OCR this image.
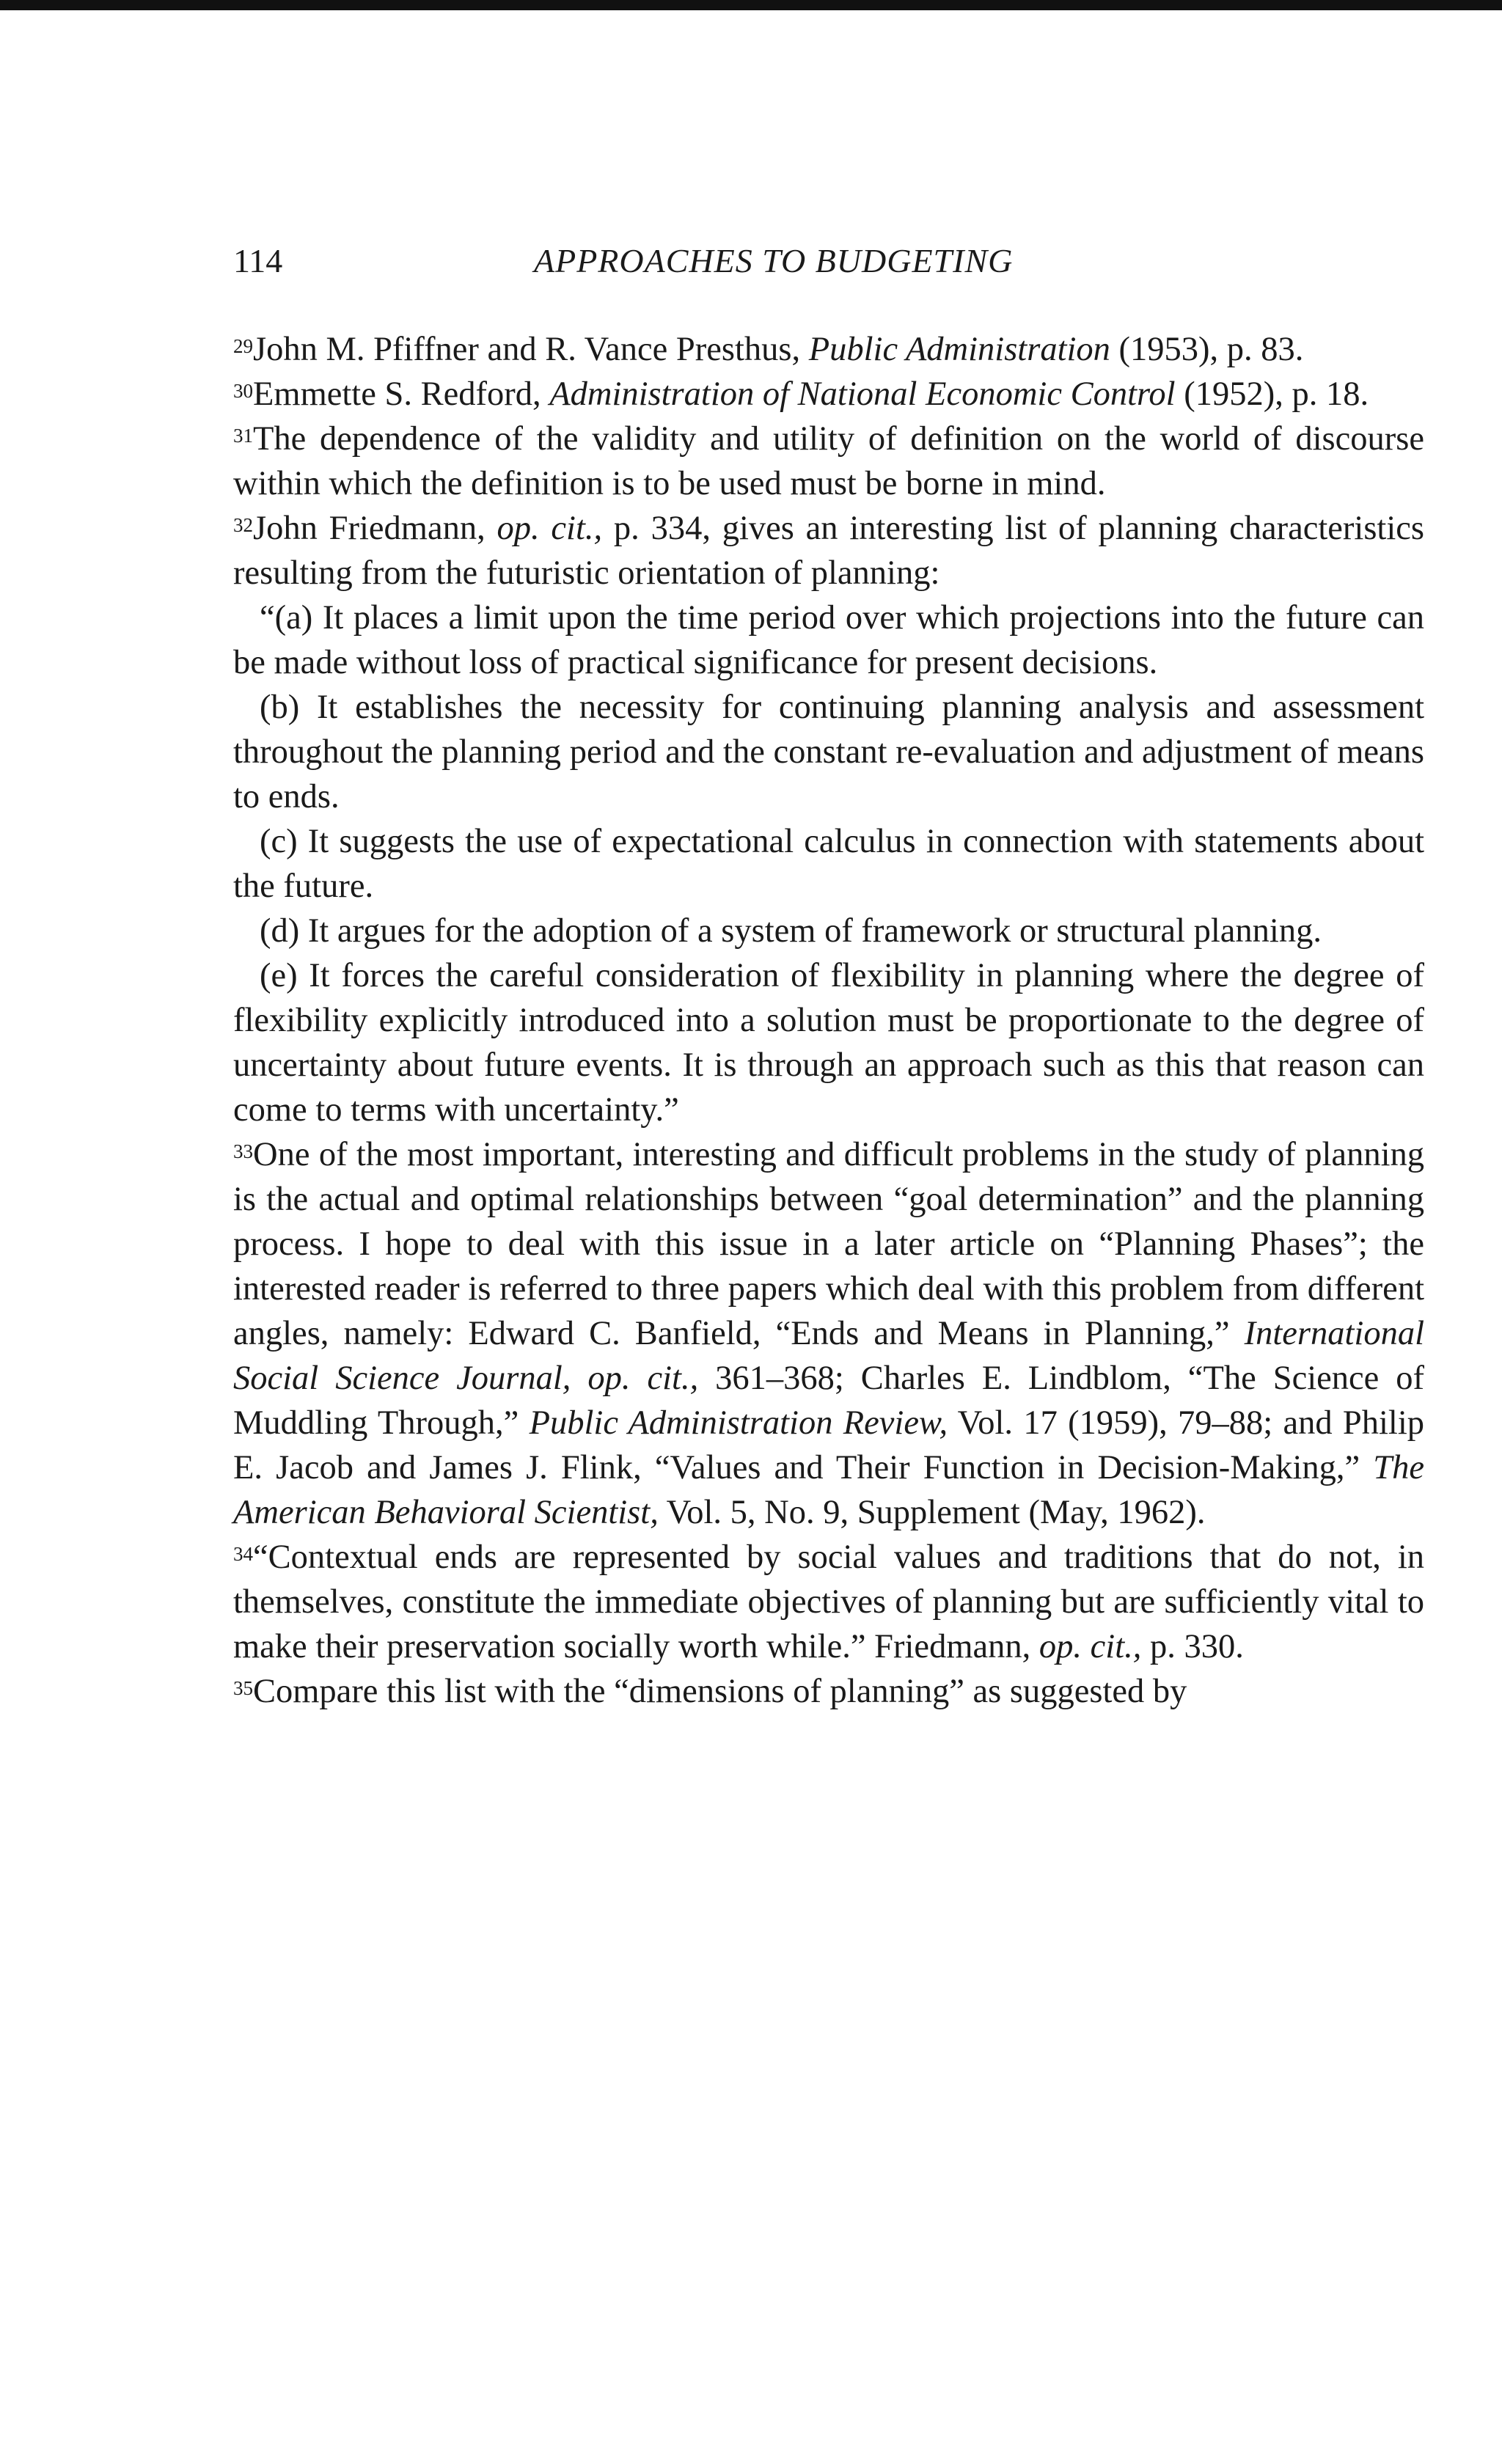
114	APPROACHES TO BUDGETING

$^{29}$John M. Pfiffner and R. Vance Presthus, Public Administration (1953), p. 83.

$^{30}$Emmette S. Redford, Administration of National Economic Control (1952), p. 18.

$^{31}$The dependence of the validity and utility of definition on the world of discourse within which the definition is to be used must be borne in mind.

$^{32}$John Friedmann, op. cit., p. 334, gives an interesting list of planning characteristics resulting from the futuristic orientation of planning:

“(a) It places a limit upon the time period over which projections into the future can be made without loss of practical significance for present decisions.

(b) It establishes the necessity for continuing planning analysis and assessment throughout the planning period and the constant re-evaluation and adjustment of means to ends.

(c) It suggests the use of expectational calculus in connection with statements about the future.

(d) It argues for the adoption of a system of framework or structural planning.

(e) It forces the careful consideration of flexibility in planning where the degree of flexibility explicitly introduced into a solution must be proportionate to the degree of uncertainty about future events. It is through an approach such as this that reason can come to terms with uncertainty.”

$^{33}$One of the most important, interesting and difficult problems in the study of planning is the actual and optimal relationships between “goal determination” and the planning process. I hope to deal with this issue in a later article on “Planning Phases”; the interested reader is referred to three papers which deal with this problem from different angles, namely: Edward C. Banfield, “Ends and Means in Planning,” International Social Science Journal, op. cit., 361–368; Charles E. Lindblom, “The Science of Muddling Through,” Public Administration Review, Vol. 17 (1959), 79–88; and Philip E. Jacob and James J. Flink, “Values and Their Function in Decision-Making,” The American Behavioral Scientist, Vol. 5, No. 9, Supplement (May, 1962).

$^{34}$“Contextual ends are represented by social values and traditions that do not, in themselves, constitute the immediate objectives of planning but are sufficiently vital to make their preservation socially worth while.” Friedmann, op. cit., p. 330.

$^{35}$Compare this list with the “dimensions of planning” as suggested by
